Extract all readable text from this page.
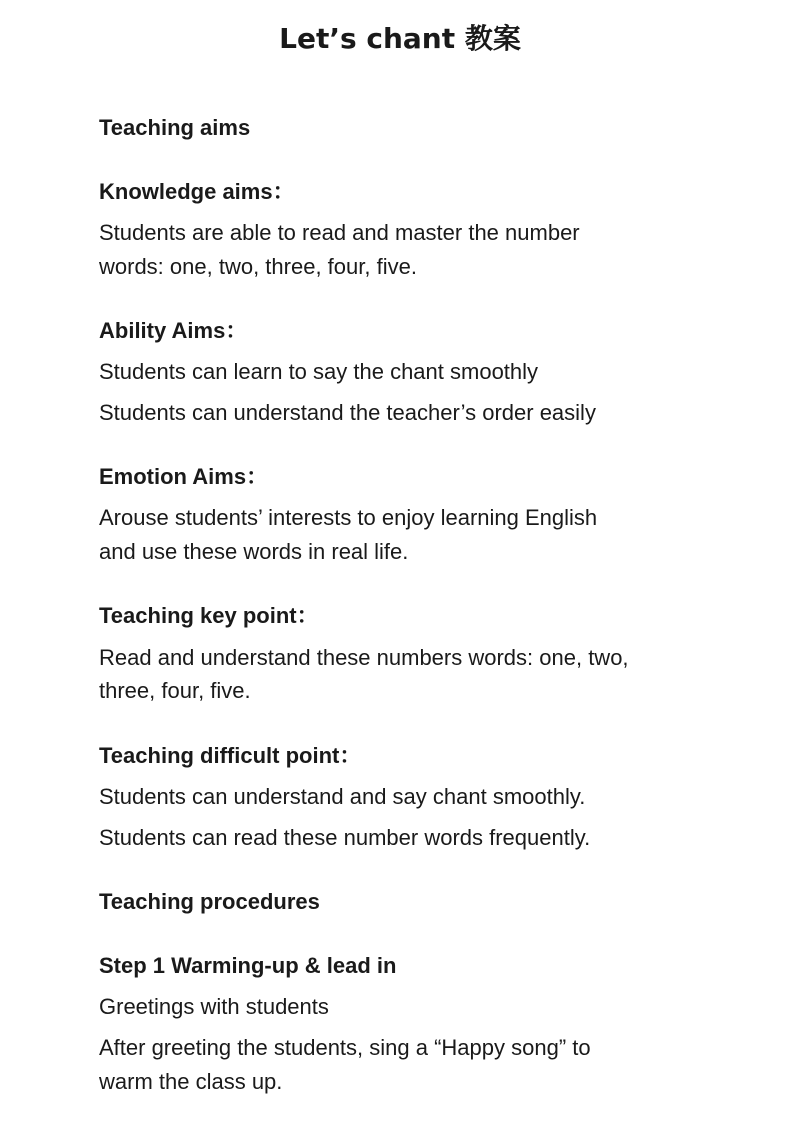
Let’s chant 教案
Teaching aims
Knowledge aims：
Students are able to read and master the number
words: one, two, three, four, five.
Ability Aims：
Students can learn to say the chant smoothly
Students can understand the teacher’s order easily
Emotion Aims：
Arouse students’ interests to enjoy learning English
and use these words in real life.
Teaching key point：
Read and understand these numbers words: one, two,
three, four, five.
Teaching difficult point：
Students can understand and say chant smoothly.
Students can read these number words frequently.
Teaching procedures
Step 1 Warming-up & lead in
Greetings with students
After greeting the students, sing a “Happy song” to
warm the class up.
